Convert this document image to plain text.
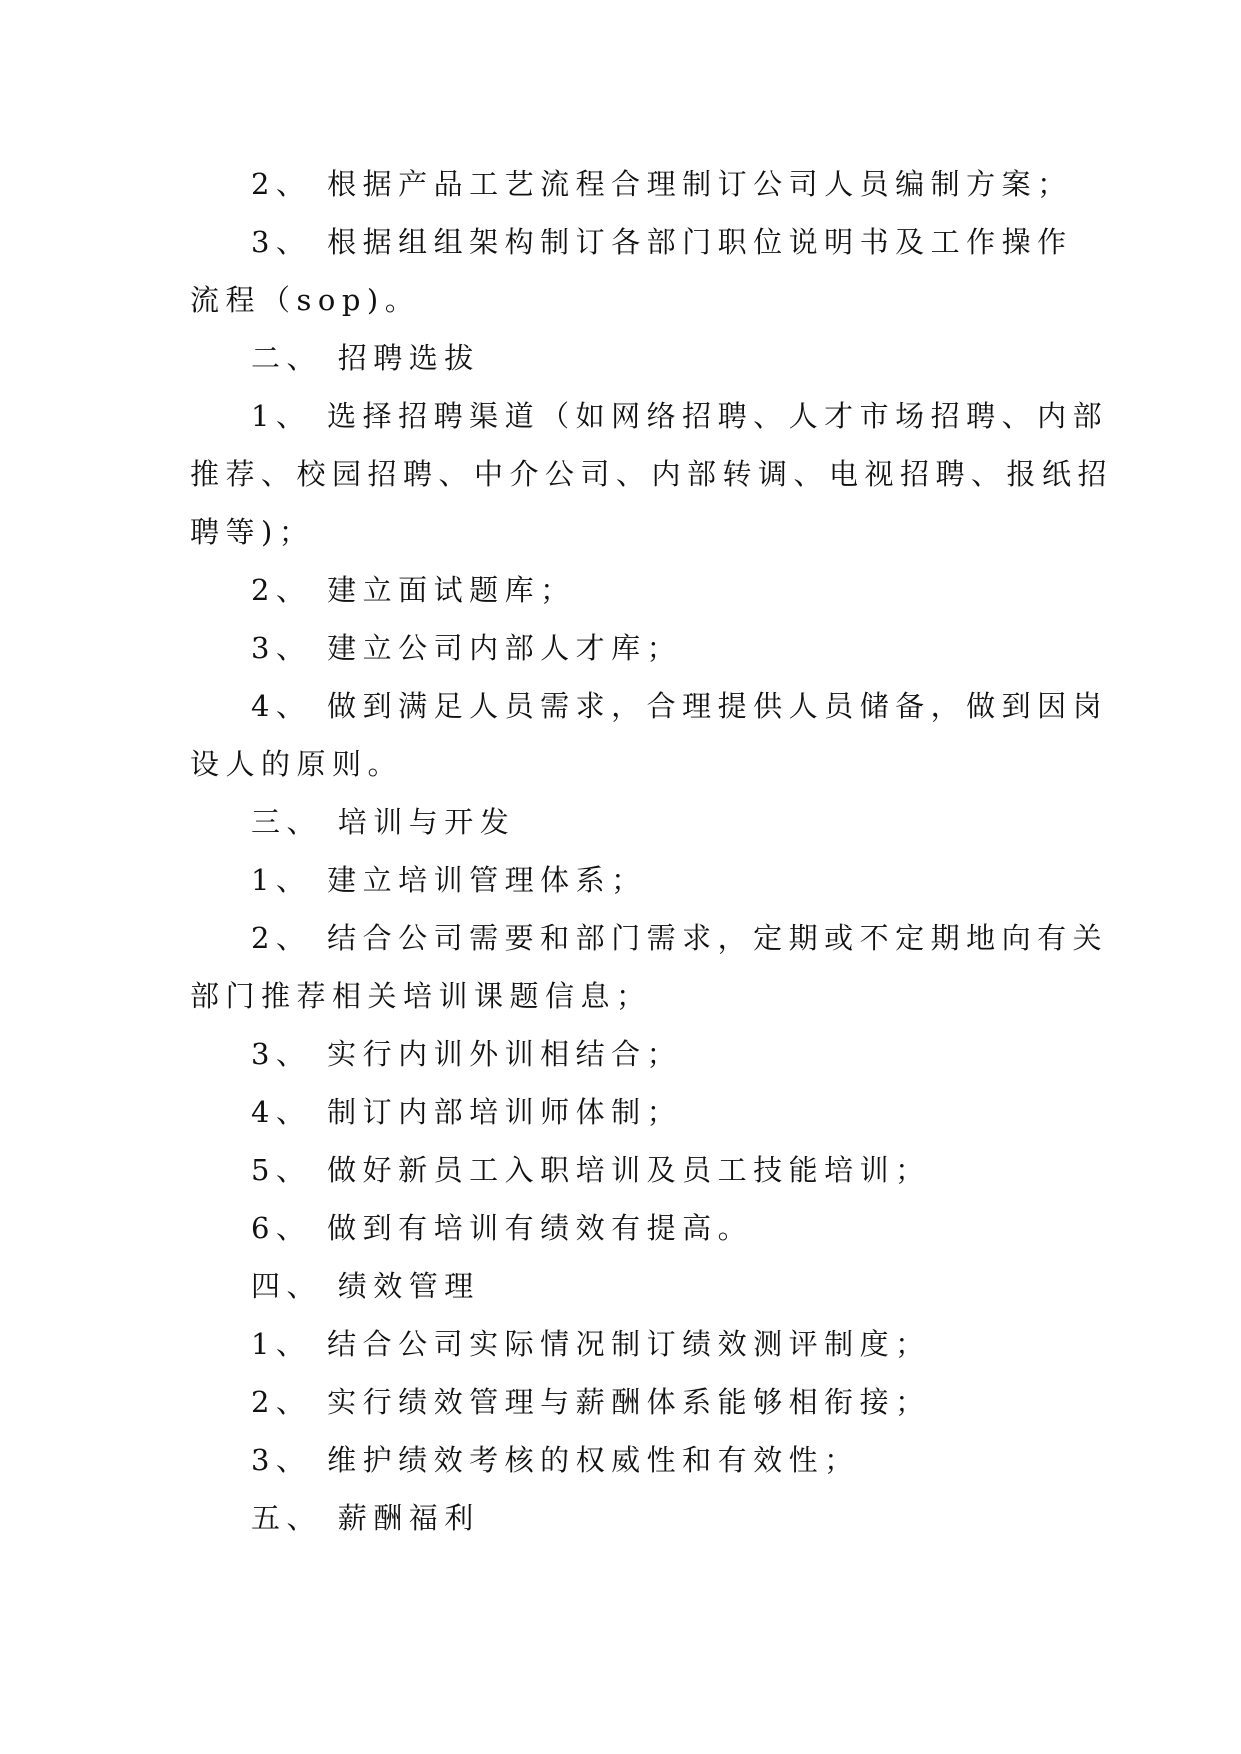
2、 根据产品工艺流程合理制订公司人员编制方案；

3、 根据组组架构制订各部门职位说明书及工作操作

流程（sop)。

二、 招聘选拔

1、 选择招聘渠道（如网络招聘、人才市场招聘、内部

推荐、校园招聘、中介公司、内部转调、电视招聘、报纸招

聘等)；

2、 建立面试题库；

3、 建立公司内部人才库；

4、 做到满足人员需求，合理提供人员储备，做到因岗

设人的原则。

三、 培训与开发

1、 建立培训管理体系；

2、 结合公司需要和部门需求，定期或不定期地向有关

部门推荐相关培训课题信息；

3、 实行内训外训相结合；

4、 制订内部培训师体制；

5、 做好新员工入职培训及员工技能培训；

6、 做到有培训有绩效有提高。

四、 绩效管理

1、 结合公司实际情况制订绩效测评制度；

2、 实行绩效管理与薪酬体系能够相衔接；

3、 维护绩效考核的权威性和有效性；

五、 薪酬福利
